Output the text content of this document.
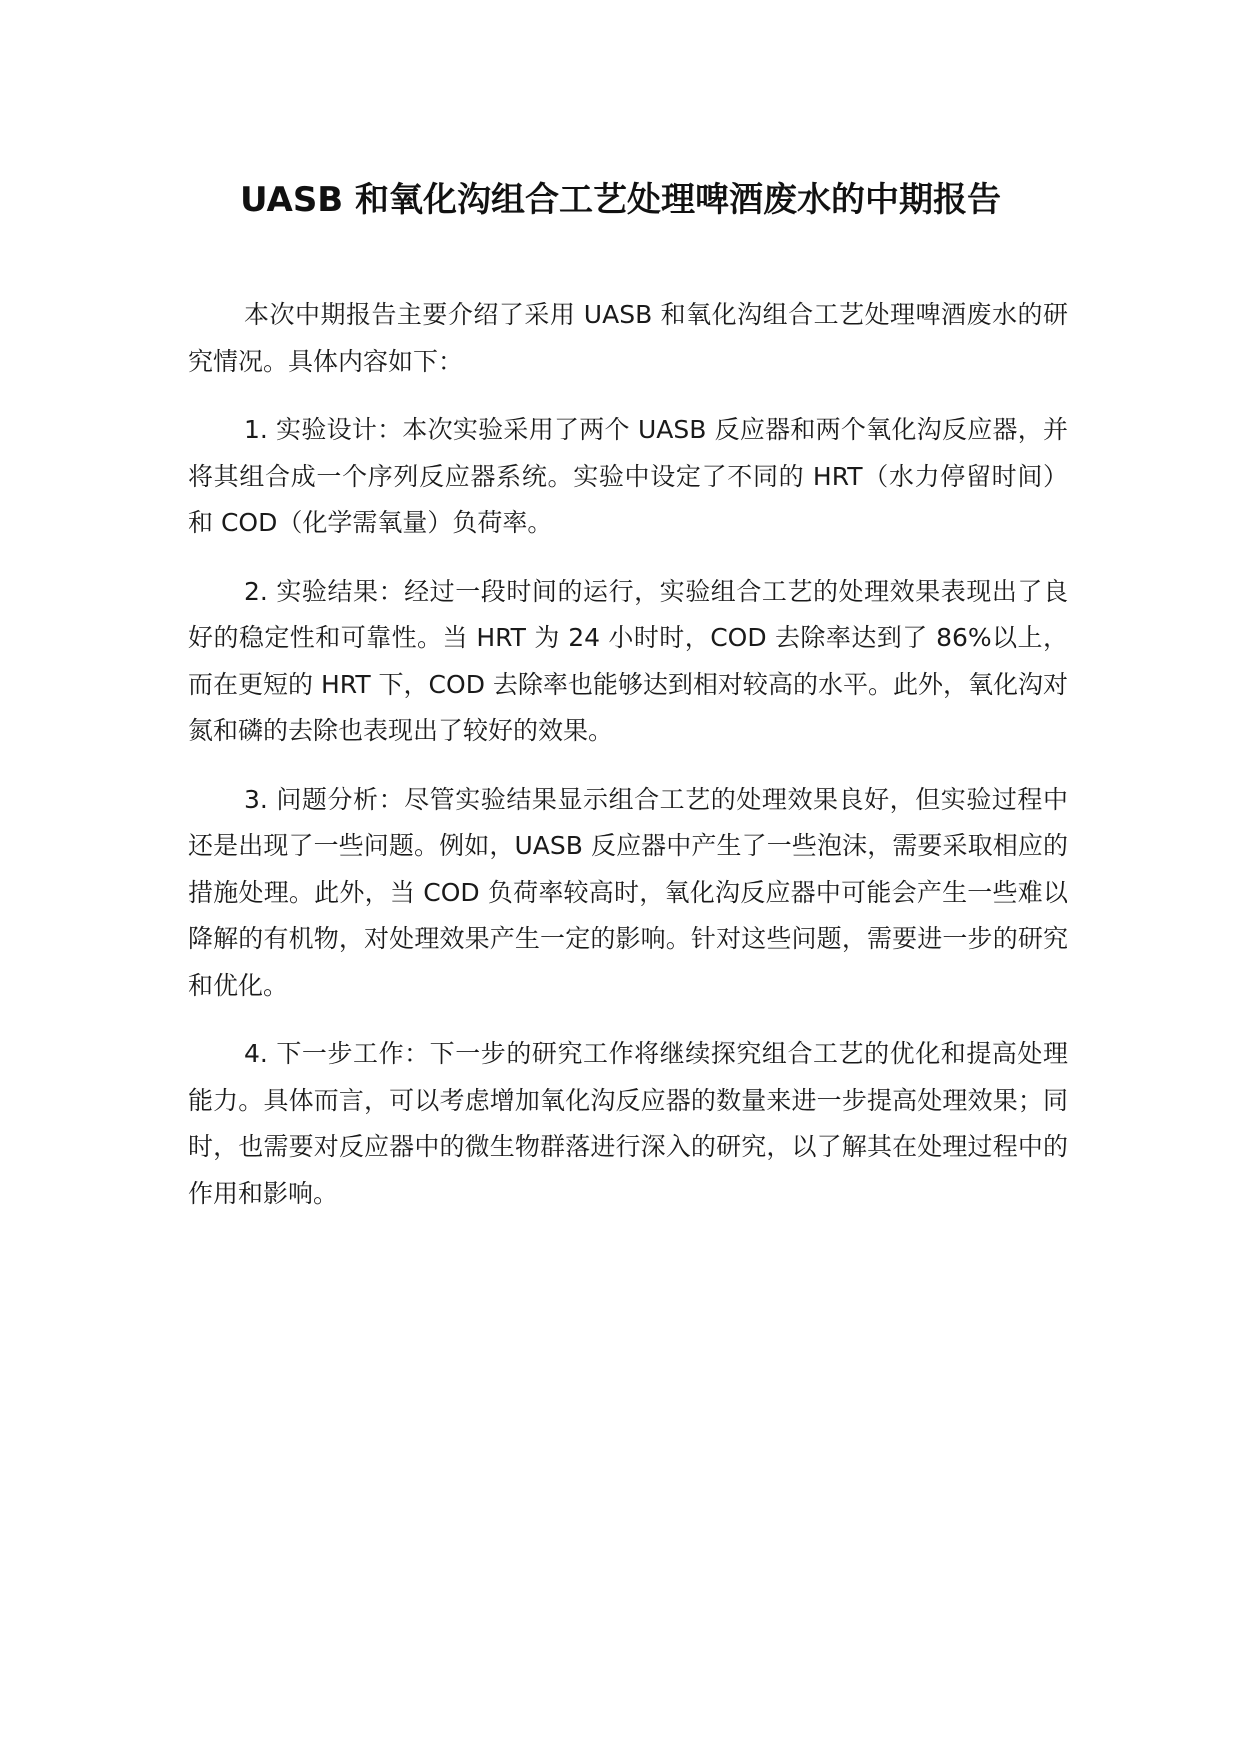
UASB 和氧化沟组合工艺处理啤酒废水的中期报告

本次中期报告主要介绍了采用 UASB 和氧化沟组合工艺处理啤酒废水的研究情况。具体内容如下：

1. 实验设计：本次实验采用了两个 UASB 反应器和两个氧化沟反应器，并将其组合成一个序列反应器系统。实验中设定了不同的 HRT（水力停留时间）和 COD（化学需氧量）负荷率。

2. 实验结果：经过一段时间的运行，实验组合工艺的处理效果表现出了良好的稳定性和可靠性。当 HRT 为 24 小时时，COD 去除率达到了 86%以上，而在更短的 HRT 下，COD 去除率也能够达到相对较高的水平。此外，氧化沟对氮和磷的去除也表现出了较好的效果。

3. 问题分析：尽管实验结果显示组合工艺的处理效果良好，但实验过程中还是出现了一些问题。例如，UASB 反应器中产生了一些泡沫，需要采取相应的措施处理。此外，当 COD 负荷率较高时，氧化沟反应器中可能会产生一些难以降解的有机物，对处理效果产生一定的影响。针对这些问题，需要进一步的研究和优化。

4. 下一步工作：下一步的研究工作将继续探究组合工艺的优化和提高处理能力。具体而言，可以考虑增加氧化沟反应器的数量来进一步提高处理效果；同时，也需要对反应器中的微生物群落进行深入的研究，以了解其在处理过程中的作用和影响。
